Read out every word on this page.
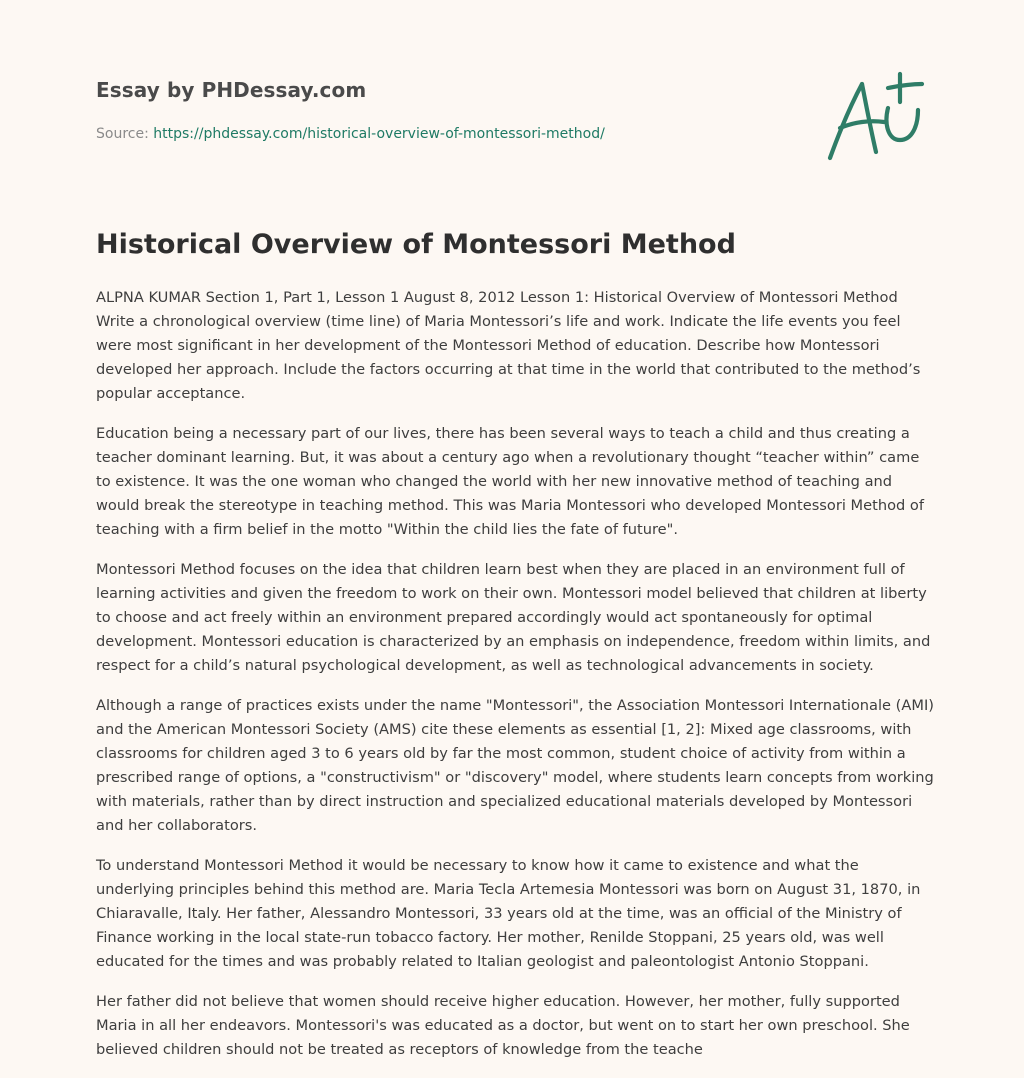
Essay by PHDessay.com
Source: https://phdessay.com/historical-overview-of-montessori-method/
Historical Overview of Montessori Method

ALPNA KUMAR Section 1, Part 1, Lesson 1 August 8, 2012 Lesson 1: Historical Overview of Montessori Method Write a chronological overview (time line) of Maria Montessori’s life and work. Indicate the life events you feel were most significant in her development of the Montessori Method of education. Describe how Montessori developed her approach. Include the factors occurring at that time in the world that contributed to the method’s popular acceptance.

Education being a necessary part of our lives, there has been several ways to teach a child and thus creating a teacher dominant learning. But, it was about a century ago when a revolutionary thought “teacher within” came to existence. It was the one woman who changed the world with her new innovative method of teaching and would break the stereotype in teaching method. This was Maria Montessori who developed Montessori Method of teaching with a firm belief in the motto "Within the child lies the fate of future".

Montessori Method focuses on the idea that children learn best when they are placed in an environment full of learning activities and given the freedom to work on their own. Montessori model believed that children at liberty to choose and act freely within an environment prepared accordingly would act spontaneously for optimal development. Montessori education is characterized by an emphasis on independence, freedom within limits, and respect for a child’s natural psychological development, as well as technological advancements in society.

Although a range of practices exists under the name "Montessori", the Association Montessori Internationale (AMI) and the American Montessori Society (AMS) cite these elements as essential [1, 2]: Mixed age classrooms, with classrooms for children aged 3 to 6 years old by far the most common, student choice of activity from within a prescribed range of options, a "constructivism" or "discovery" model, where students learn concepts from working with materials, rather than by direct instruction and specialized educational materials developed by Montessori and her collaborators.

To understand Montessori Method it would be necessary to know how it came to existence and what the underlying principles behind this method are. Maria Tecla Artemesia Montessori was born on August 31, 1870, in Chiaravalle, Italy. Her father, Alessandro Montessori, 33 years old at the time, was an official of the Ministry of Finance working in the local state-run tobacco factory. Her mother, Renilde Stoppani, 25 years old, was well educated for the times and was probably related to Italian geologist and paleontologist Antonio Stoppani.

Her father did not believe that women should receive higher education. However, her mother, fully supported Maria in all her endeavors. Montessori's was educated as a doctor, but went on to start her own preschool. She believed children should not be treated as receptors of knowledge from the teache
